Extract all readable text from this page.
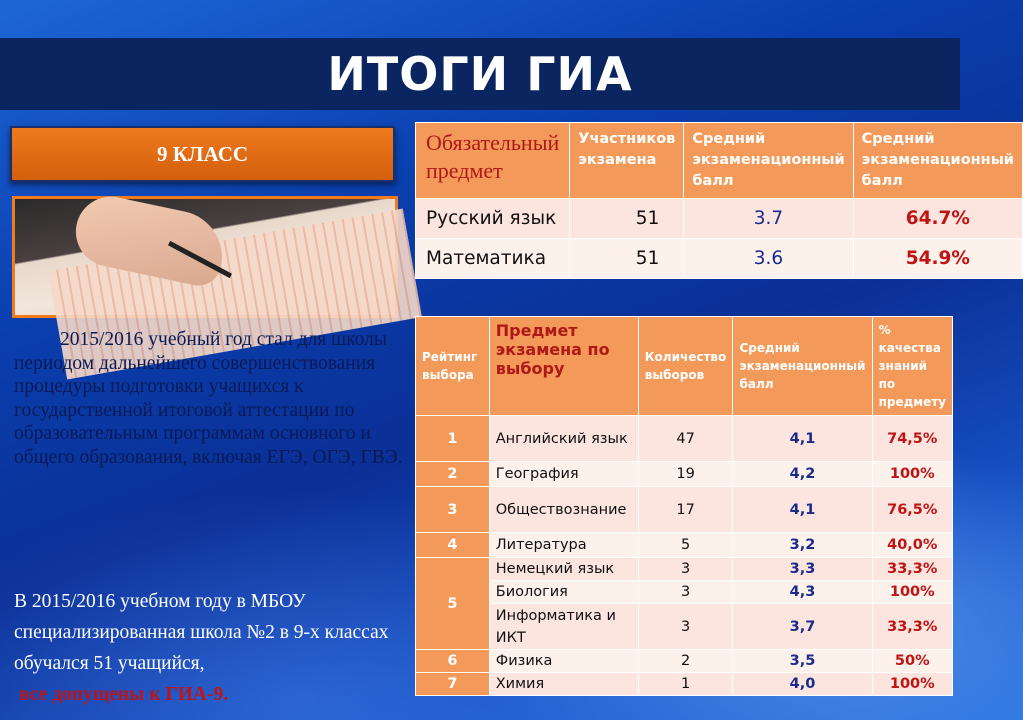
ИТОГИ ГИА
9 КЛАСС
2015/2016 учебный год стал для школы периодом дальнейшего совершенствования процедуры подготовки учащихся к государственной итоговой аттестации по образовательным программам основного и общего образования, включая ЕГЭ, ОГЭ, ГВЭ.
В 2015/2016 учебном году в МБОУ специализированная школа №2 в 9-х классах обучался 51 учащийся,
все допущены к ГИА-9.
Обязательный предмет	Участников экзамена	Средний экзаменационный балл	Средний экзаменационный балл
Русский язык	51	3.7	64.7%
Математика	51	3.6	54.9%
Рейтинг выбора	Предмет экзамена по выбору	Количество выборов	Средний экзаменационный балл	% качества знаний по предмету
1	Английский язык	47	4,1	74,5%
2	География	19	4,2	100%
3	Обществознание	17	4,1	76,5%
4	Литература	5	3,2	40,0%
5	Немецкий язык	3	3,3	33,3%
	Биология	3	4,3	100%
	Информатика и ИКТ	3	3,7	33,3%
6	Физика	2	3,5	50%
7	Химия	1	4,0	100%
